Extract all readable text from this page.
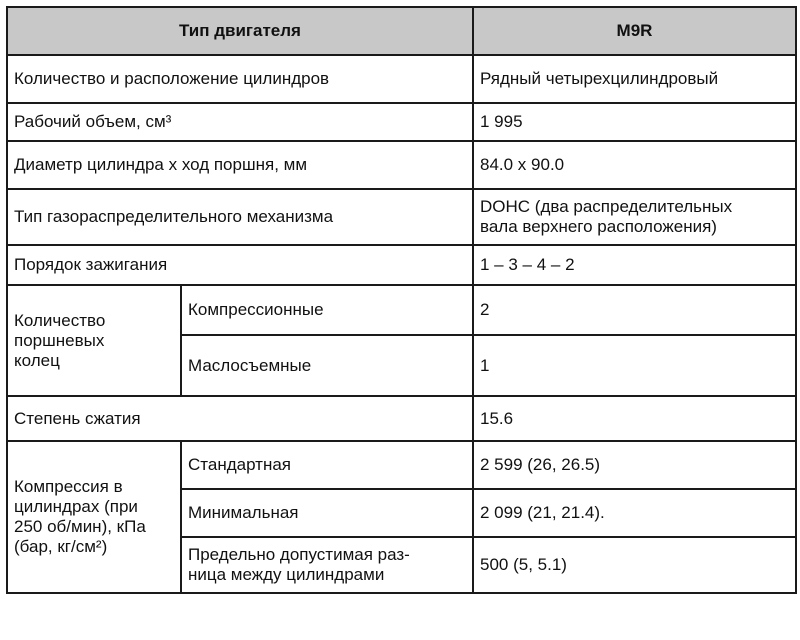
Тип двигателя		M9R
Количество и расположение цилиндров		Рядный четырехцилиндровый
Рабочий объем, см³		1 995
Диаметр цилиндра х ход поршня, мм		84.0 x 90.0
Тип газораспределительного механизма		DOHC (два распределительных
вала верхнего расположения)
Порядок зажигания		1 – 3 – 4 – 2
Количество
поршневых
колец	Компрессионные	2
	Маслосъемные	1
Степень сжатия		15.6
Компрессия в
цилиндрах (при
250 об/мин), кПа
(бар, кг/см²)	Стандартная	2 599 (26, 26.5)
	Минимальная	2 099 (21, 21.4).
	Предельно допустимая раз-
ница между цилиндрами	500 (5, 5.1)
